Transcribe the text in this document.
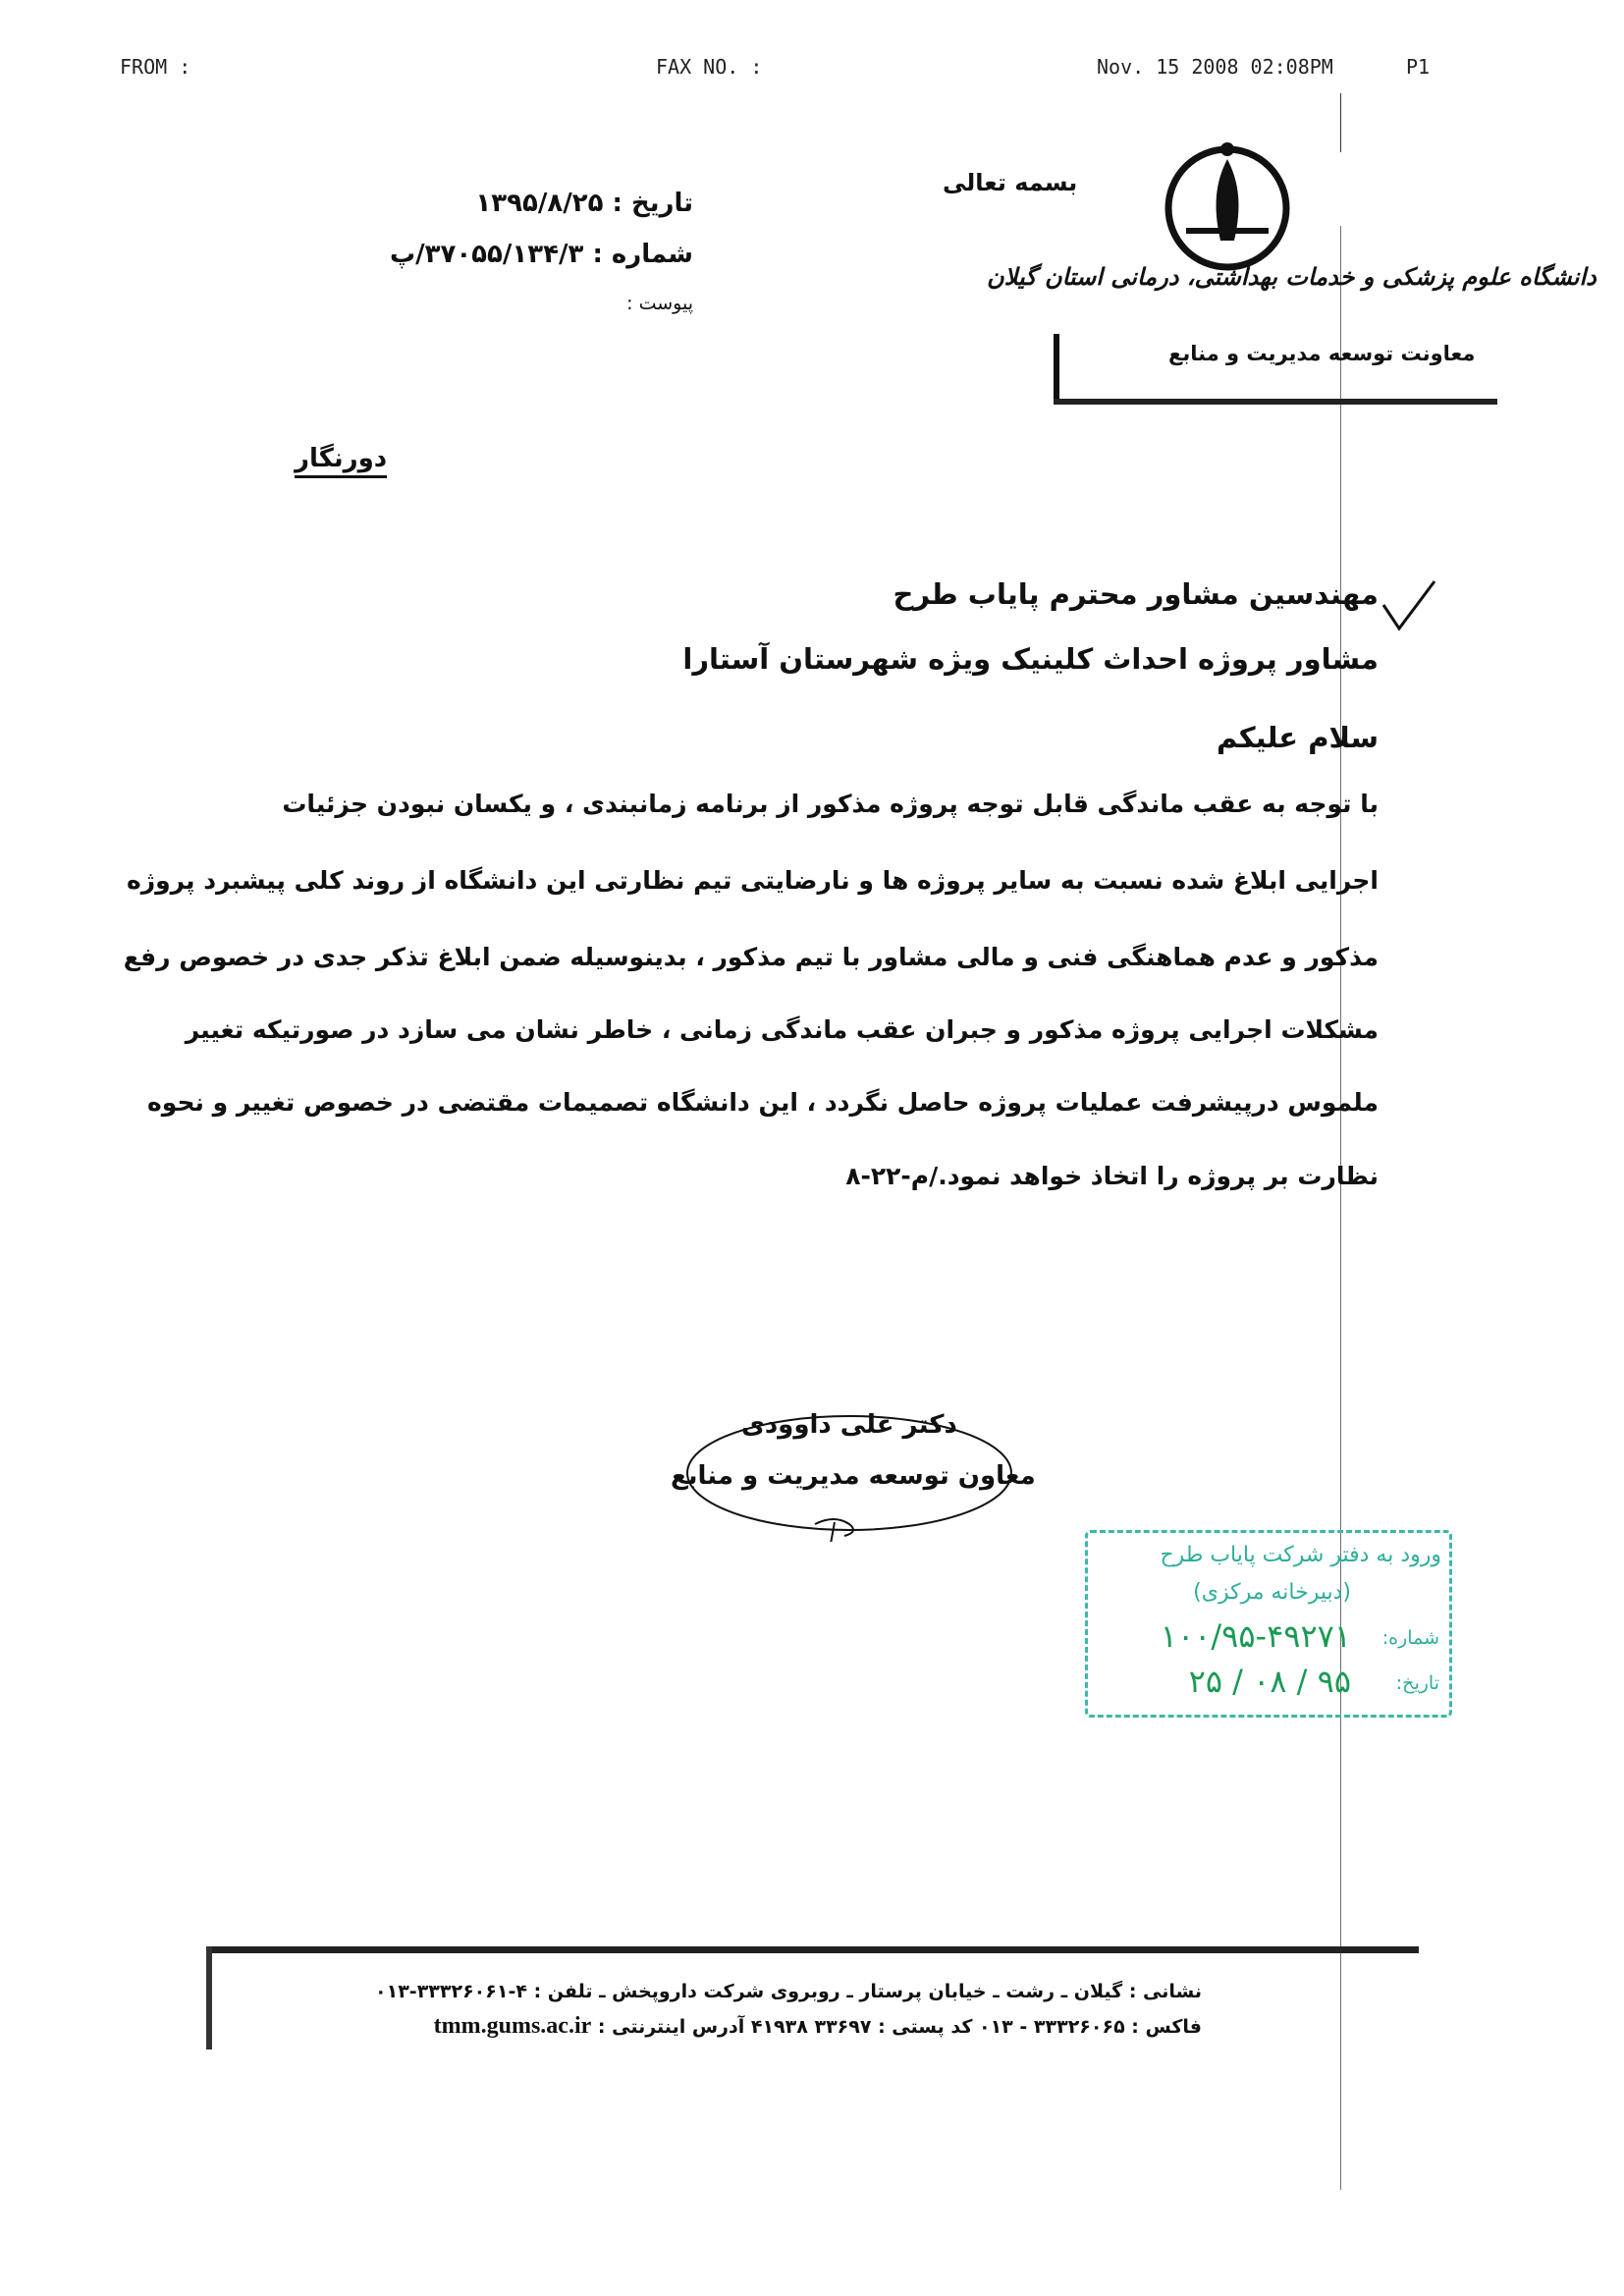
FROM :	FAX NO. :	Nov. 15 2008 02:08PM	P1
بسمه تعالی
دانشگاه علوم پزشکی و خدمات بهداشتی، درمانی استان گیلان
معاونت توسعه مدیریت و منابع
تاریخ : ۱۳۹۵/۸/۲۵
شماره : ۳۷۰۵۵/۱۳۴/۳/پ
پیوست :
دورنگار
مهندسین مشاور محترم پایاب طرح
مشاور پروژه احداث کلینیک ویژه شهرستان آستارا
سلام علیکم
با توجه به عقب ماندگی قابل توجه پروژه مذکور از برنامه زمانبندی ، و یکسان نبودن جزئیات
اجرایی ابلاغ شده نسبت به سایر پروژه ها و نارضایتی تیم نظارتی این دانشگاه از روند کلی پیشبرد پروژه
مذکور و عدم هماهنگی فنی و مالی مشاور با تیم مذکور ، بدینوسیله ضمن ابلاغ تذکر جدی در خصوص رفع
مشکلات اجرایی پروژه مذکور و جبران عقب ماندگی زمانی ، خاطر نشان می سازد در صورتیکه تغییر
ملموس درپیشرفت عملیات پروژه حاصل نگردد ، این دانشگاه تصمیمات مقتضی در خصوص تغییر و نحوه
نظارت بر پروژه را اتخاذ خواهد نمود./م-۲۲-۸
دکتر علی داوودی
معاون توسعه مدیریت و منابع
ورود به دفتر شرکت پایاب طرح
(دبیرخانه مرکزی)
شماره:
۱۰۰/۹۵-۴۹۲۷۱
تاریخ:
۹۵ / ۰۸ / ۲۵
نشانی : گیلان ـ رشت ـ خیابان پرستار ـ روبروی شرکت داروپخش ـ تلفن : ۴-۳۳۳۲۶۰۶۱-۰۱۳
فاکس : ۳۳۳۲۶۰۶۵ - ۰۱۳ کد پستی : ۳۳۶۹۷ ۴۱۹۳۸ آدرس اینترنتی : tmm.gums.ac.ir
